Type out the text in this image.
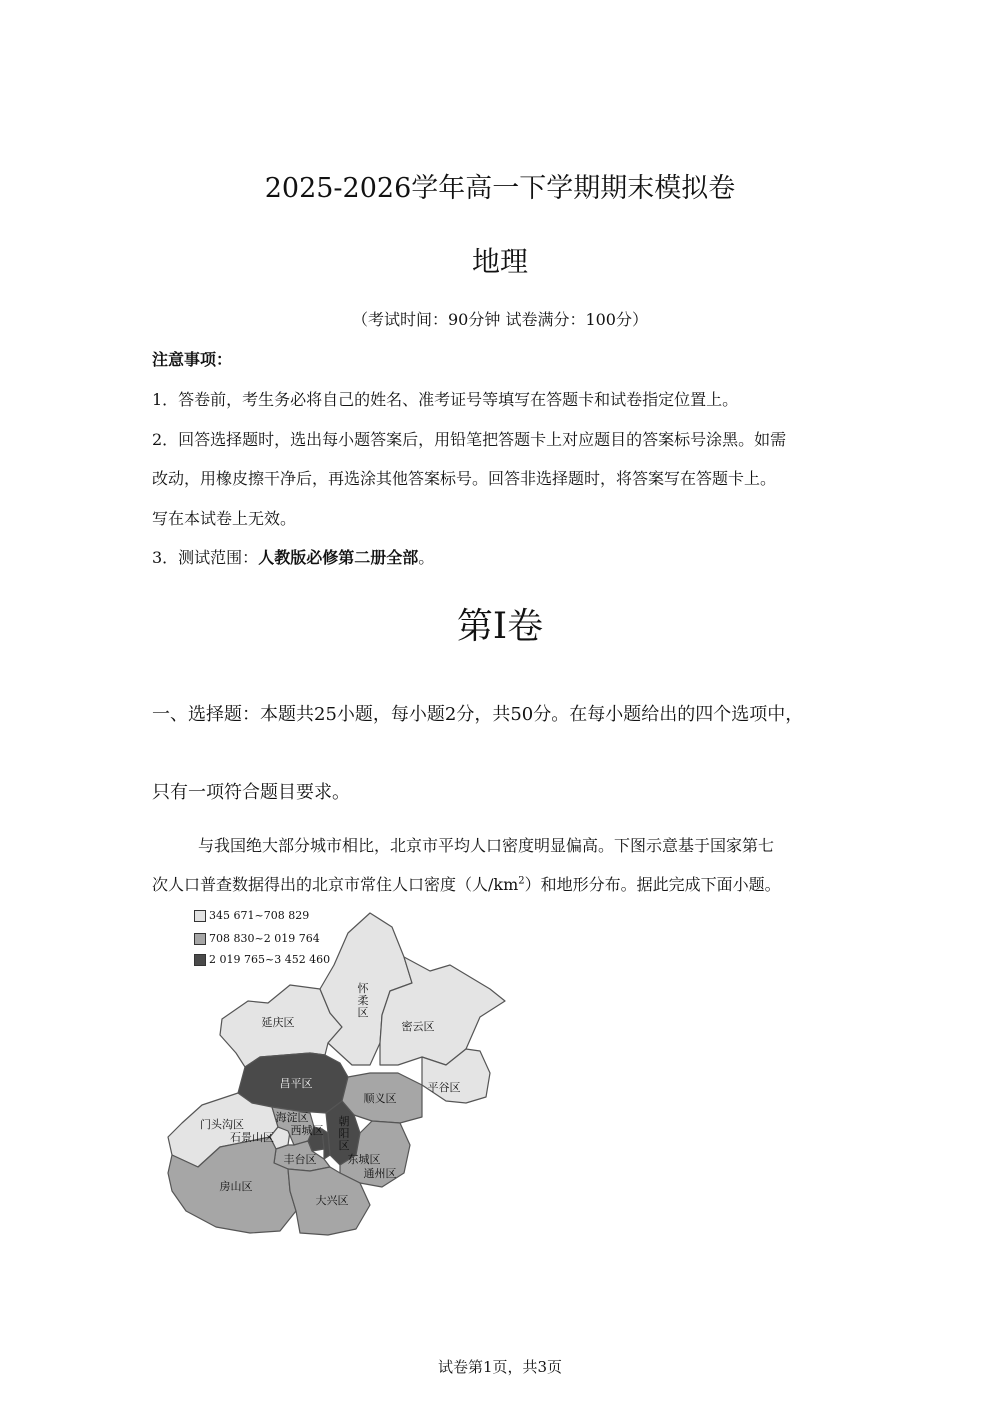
2025-2026学年高一下学期期末模拟卷
地理
（考试时间：90分钟 试卷满分：100分）
注意事项：
1．答卷前，考生务必将自己的姓名、准考证号等填写在答题卡和试卷指定位置上。
2．回答选择题时，选出每小题答案后，用铅笔把答题卡上对应题目的答案标号涂黑。如需
改动，用橡皮擦干净后，再选涂其他答案标号。回答非选择题时，将答案写在答题卡上。
写在本试卷上无效。
3．测试范围：人教版必修第二册全部。
第Ⅰ卷
一、选择题：本题共25小题，每小题2分，共50分。在每小题给出的四个选项中，
只有一项符合题目要求。
与我国绝大部分城市相比，北京市平均人口密度明显偏高。下图示意基于国家第七
次人口普查数据得出的北京市常住人口密度（人$/km^2$）和地形分布。据此完成下面小题。
延庆区
怀
柔
区
密云区
昌平区
顺义区
平谷区
门头沟区
石景山区
海淀区
西城区
朝
阳
区
丰台区	东城区
通州区
房山区
大兴区
345 671~708 829
708 830~2 019 764
2 019 765~3 452 460
试卷第1页，共3页
